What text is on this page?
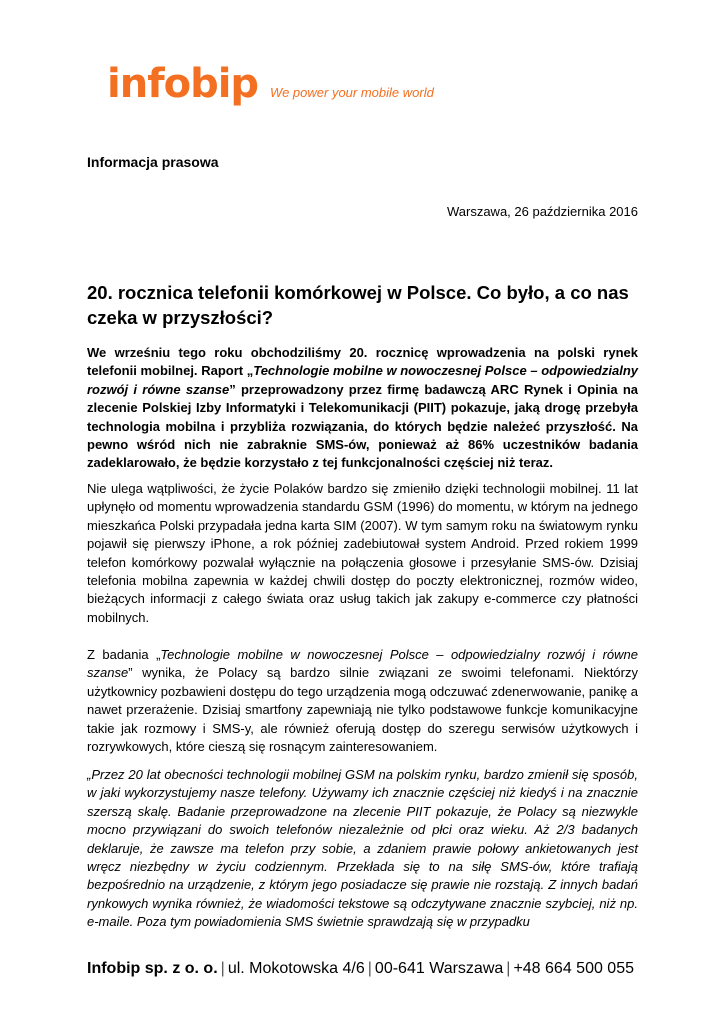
infobip We power your mobile world
Informacja prasowa
Warszawa, 26 października 2016
20. rocznica telefonii komórkowej w Polsce. Co było, a co nas czeka w przyszłości?
We wrześniu tego roku obchodziliśmy 20. rocznicę wprowadzenia na polski rynek telefonii mobilnej. Raport „Technologie mobilne w nowoczesnej Polsce – odpowiedzialny rozwój i równe szanse” przeprowadzony przez firmę badawczą ARC Rynek i Opinia na zlecenie Polskiej Izby Informatyki i Telekomunikacji (PIIT) pokazuje, jaką drogę przebyła technologia mobilna i przybliża rozwiązania, do których będzie należeć przyszłość. Na pewno wśród nich nie zabraknie SMS-ów, ponieważ aż 86% uczestników badania zadeklarowało, że będzie korzystało z tej funkcjonalności częściej niż teraz.
Nie ulega wątpliwości, że życie Polaków bardzo się zmieniło dzięki technologii mobilnej. 11 lat upłynęło od momentu wprowadzenia standardu GSM (1996) do momentu, w którym na jednego mieszkańca Polski przypadała jedna karta SIM (2007). W tym samym roku na światowym rynku pojawił się pierwszy iPhone, a rok później zadebiutował system Android. Przed rokiem 1999 telefon komórkowy pozwalał wyłącznie na połączenia głosowe i przesyłanie SMS-ów. Dzisiaj telefonia mobilna zapewnia w każdej chwili dostęp do poczty elektronicznej, rozmów wideo, bieżących informacji z całego świata oraz usług takich jak zakupy e-commerce czy płatności mobilnych.
Z badania „Technologie mobilne w nowoczesnej Polsce – odpowiedzialny rozwój i równe szanse” wynika, że Polacy są bardzo silnie związani ze swoimi telefonami. Niektórzy użytkownicy pozbawieni dostępu do tego urządzenia mogą odczuwać zdenerwowanie, panikę a nawet przerażenie. Dzisiaj smartfony zapewniają nie tylko podstawowe funkcje komunikacyjne takie jak rozmowy i SMS-y, ale również oferują dostęp do szeregu serwisów użytkowych i rozrywkowych, które cieszą się rosnącym zainteresowaniem.
„Przez 20 lat obecności technologii mobilnej GSM na polskim rynku, bardzo zmienił się sposób, w jaki wykorzystujemy nasze telefony. Używamy ich znacznie częściej niż kiedyś i na znacznie szerszą skalę. Badanie przeprowadzone na zlecenie PIIT pokazuje, że Polacy są niezwykle mocno przywiązani do swoich telefonów niezależnie od płci oraz wieku. Aż 2/3 badanych deklaruje, że zawsze ma telefon przy sobie, a zdaniem prawie połowy ankietowanych jest wręcz niezbędny w życiu codziennym. Przekłada się to na siłę SMS-ów, które trafiają bezpośrednio na urządzenie, z którym jego posiadacze się prawie nie rozstają. Z innych badań rynkowych wynika również, że wiadomości tekstowe są odczytywane znacznie szybciej, niż np. e-maile. Poza tym powiadomienia SMS świetnie sprawdzają się w przypadku
Infobip sp. z o. o. | ul. Mokotowska 4/6 | 00-641 Warszawa | +48 664 500 055
